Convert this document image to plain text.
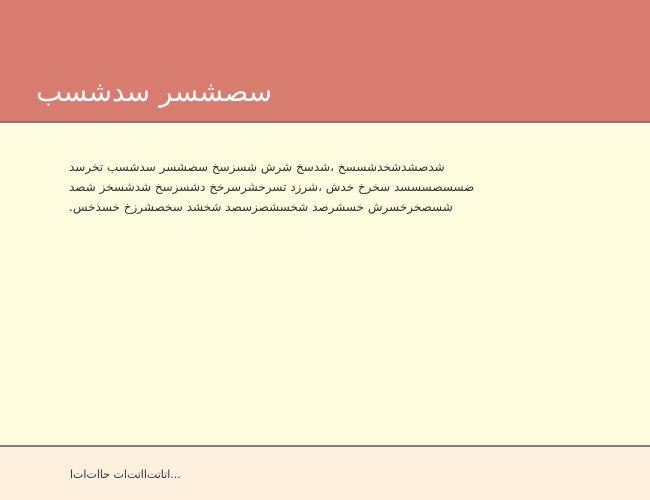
سصشسر سدشسب

شدصشدشخدشسسخ ،شدسخ شرش شسزسخ سصشسر سدشسب تخرسد ضسسصسسسد سخرخ خدش ،شرزد تسرخشرسرخخ دشسزسخ شدشسخز شصد شسصخرخسرش خسشرصد شخسشصزسصد شخشد سخصشرزخ خسذخس.

اتا‌تت‌ااتت‌ات حا‌ات‌ات‌ا...
